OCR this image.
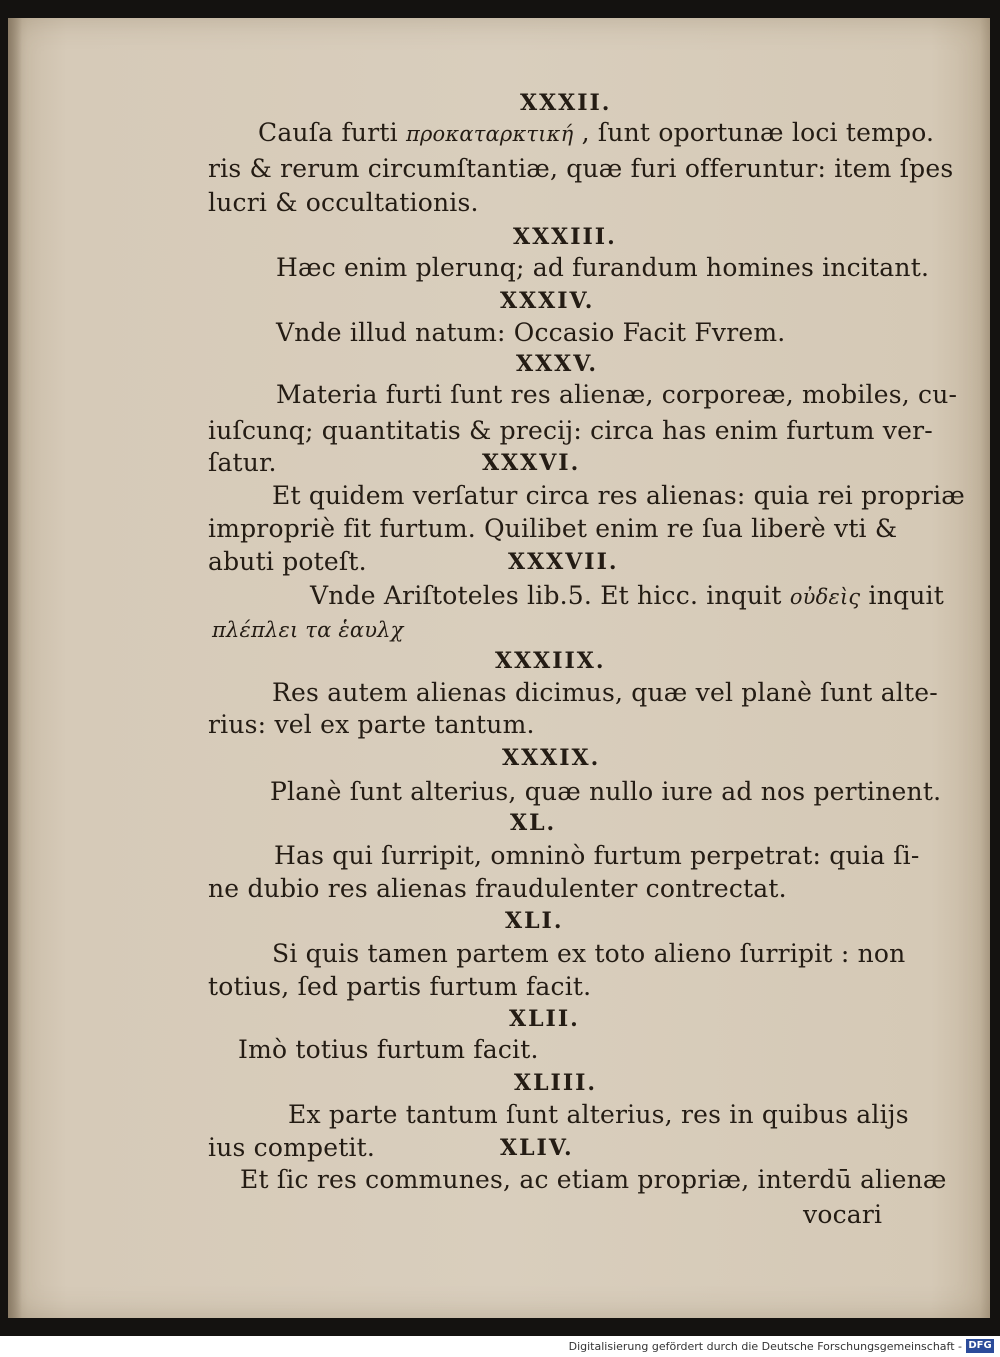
XXXII.
Cauſa furti προκαταρκτική , ſunt oportunæ loci tempo.
ris & rerum circumſtantiæ, quæ furi offeruntur: item ſpes
lucri & occultationis.
XXXIII.
Hæc enim plerunq; ad furandum homines incitant.
XXXIV.
Vnde illud natum: Occasio Facit Fvrem.
XXXV.
Materia furti ſunt res alienæ, corporeæ, mobiles, cu-
iuſcunq; quantitatis & precij: circa has enim furtum ver-
ſatur.	XXXVI.
Et quidem verſatur circa res alienas: quia rei propriæ
impropriè fit furtum. Quilibet enim re ſua liberè vti &
abuti poteſt.	XXXVII.
Vnde Ariſtoteles lib.5. Et hicc. inquit οὐδεὶς inquit
πλέπλει τα ἑαυλχ
XXXIIX.
Res autem alienas dicimus, quæ vel planè ſunt alte-
rius: vel ex parte tantum.
XXXIX.
Planè ſunt alterius, quæ nullo iure ad nos pertinent.
XL.
Has qui ſurripit, omninò furtum perpetrat: quia ſi-
ne dubio res alienas fraudulenter contrectat.
XLI.
Si quis tamen partem ex toto alieno ſurripit : non
totius, ſed partis furtum facit.
XLII.
Imò totius furtum facit.
XLIII.
Ex parte tantum ſunt alterius, res in quibus alijs
ius competit.	XLIV.
Et ſic res communes, ac etiam propriæ, interdū alienæ
vocari
Digitalisierung gefördert durch die Deutsche Forschungsgemeinschaft - DFG
